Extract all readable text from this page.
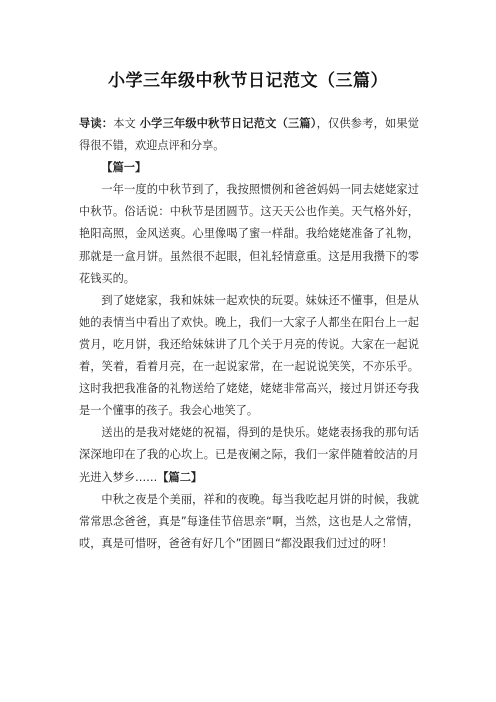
小学三年级中秋节日记范文（三篇）

导读：本文 小学三年级中秋节日记范文（三篇），仅供参考，如果觉得很不错，欢迎点评和分享。

【篇一】

一年一度的中秋节到了，我按照惯例和爸爸妈妈一同去姥姥家过中秋节。俗话说：中秋节是团圆节。这天天公也作美。天气格外好，艳阳高照，金风送爽。心里像喝了蜜一样甜。我给姥姥准备了礼物，那就是一盒月饼。虽然很不起眼，但礼轻情意重。这是用我攒下的零花钱买的。

到了姥姥家，我和妹妹一起欢快的玩耍。妹妹还不懂事，但是从她的表情当中看出了欢快。晚上，我们一大家子人都坐在阳台上一起赏月，吃月饼，我还给妹妹讲了几个关于月亮的传说。大家在一起说着，笑着，看着月亮，在一起说家常，在一起说说笑笑，不亦乐乎。这时我把我准备的礼物送给了姥姥，姥姥非常高兴，接过月饼还夸我是一个懂事的孩子。我会心地笑了。

送出的是我对姥姥的祝福，得到的是快乐。姥姥表扬我的那句话深深地印在了我的心坎上。已是夜阑之际，我们一家伴随着皎洁的月光进入梦乡……【篇二】

中秋之夜是个美丽，祥和的夜晚。每当我吃起月饼的时候，我就常常思念爸爸，真是”每逢佳节倍思亲“啊，当然，这也是人之常情，哎，真是可惜呀，爸爸有好几个”团圆日“都没跟我们过过的呀！
